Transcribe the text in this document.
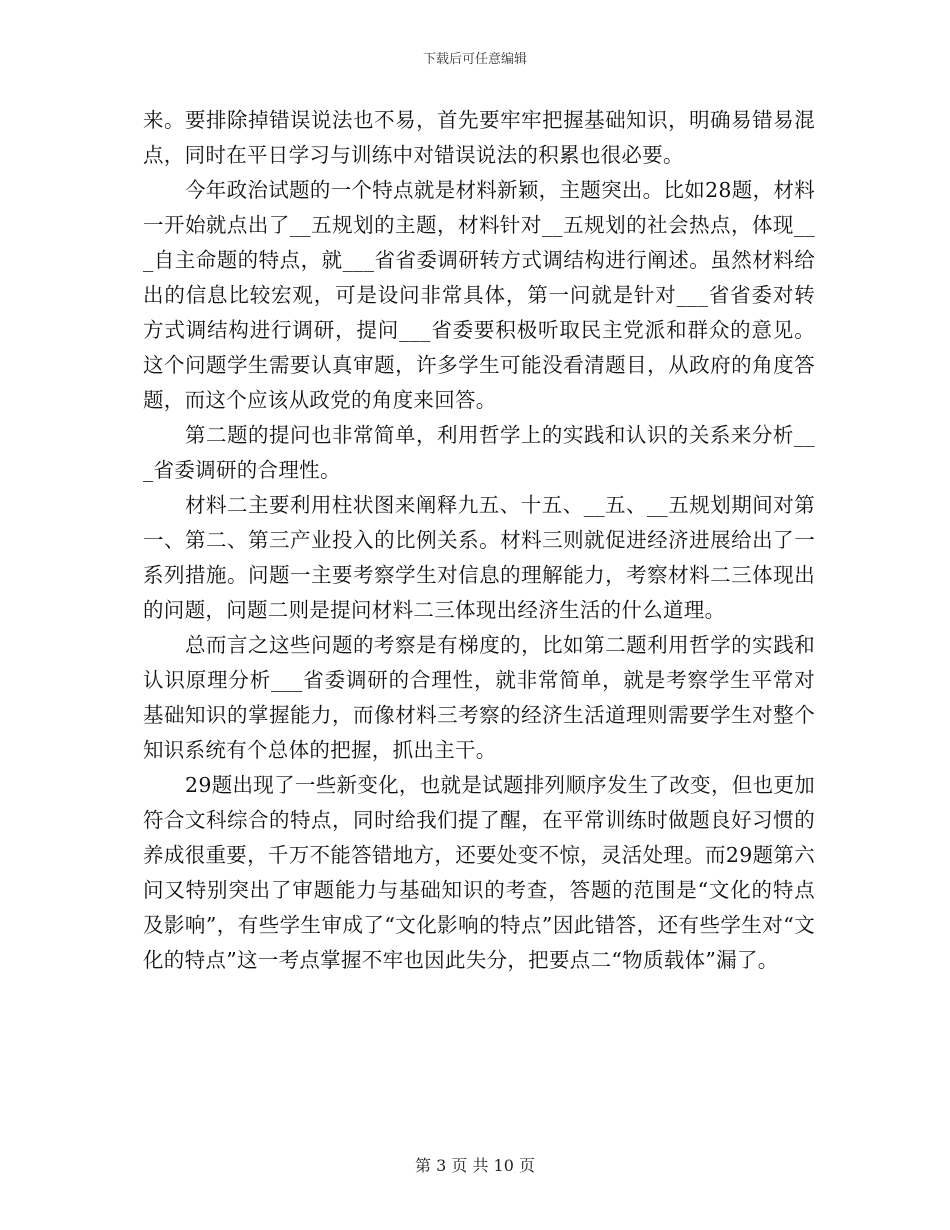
下载后可任意编辑

来。要排除掉错误说法也不易，首先要牢牢把握基础知识，明确易错易混点，同时在平日学习与训练中对错误说法的积累也很必要。

今年政治试题的一个特点就是材料新颖，主题突出。比如28题，材料一开始就点出了__五规划的主题，材料针对__五规划的社会热点，体现___自主命题的特点，就___省省委调研转方式调结构进行阐述。虽然材料给出的信息比较宏观，可是设问非常具体，第一问就是针对___省省委对转方式调结构进行调研，提问___省委要积极听取民主党派和群众的意见。这个问题学生需要认真审题，许多学生可能没看清题目，从政府的角度答题，而这个应该从政党的角度来回答。

第二题的提问也非常简单，利用哲学上的实践和认识的关系来分析___省委调研的合理性。

材料二主要利用柱状图来阐释九五、十五、__五、__五规划期间对第一、第二、第三产业投入的比例关系。材料三则就促进经济进展给出了一系列措施。问题一主要考察学生对信息的理解能力，考察材料二三体现出的问题，问题二则是提问材料二三体现出经济生活的什么道理。

总而言之这些问题的考察是有梯度的，比如第二题利用哲学的实践和认识原理分析___省委调研的合理性，就非常简单，就是考察学生平常对基础知识的掌握能力，而像材料三考察的经济生活道理则需要学生对整个知识系统有个总体的把握，抓出主干。

29题出现了一些新变化，也就是试题排列顺序发生了改变，但也更加符合文科综合的特点，同时给我们提了醒，在平常训练时做题良好习惯的养成很重要，千万不能答错地方，还要处变不惊，灵活处理。而29题第六问又特别突出了审题能力与基础知识的考查，答题的范围是“文化的特点及影响”，有些学生审成了“文化影响的特点”因此错答，还有些学生对“文化的特点”这一考点掌握不牢也因此失分，把要点二“物质载体”漏了。

第 3 页 共 10 页
